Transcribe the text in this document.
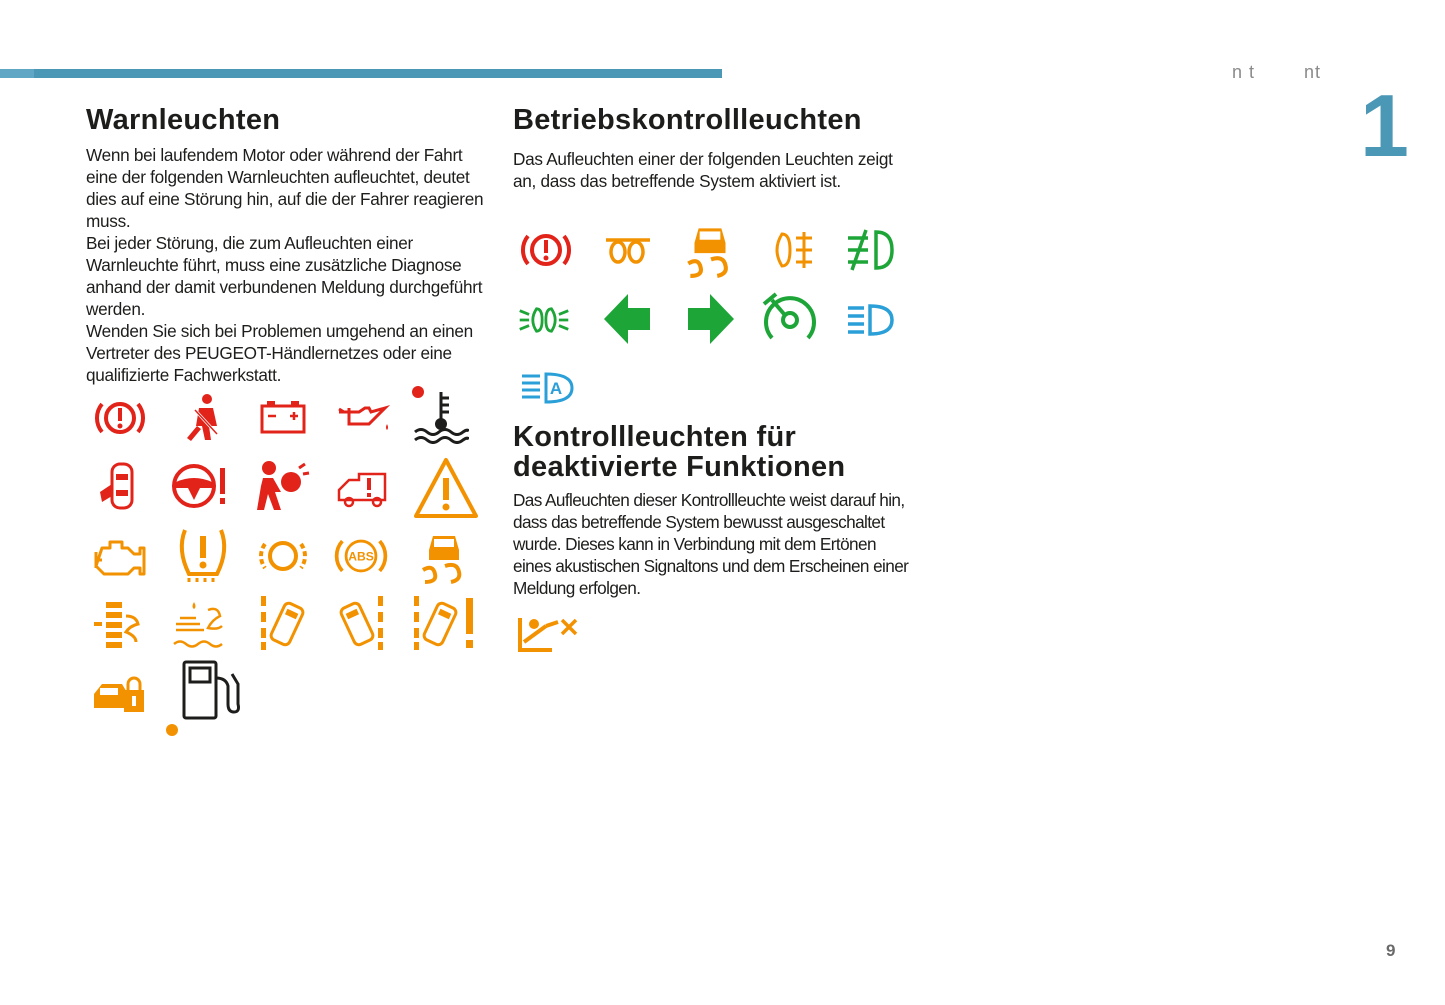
n t	nt
1
Warnleuchten

Wenn bei laufendem Motor oder während der Fahrt eine der folgenden Warnleuchten aufleuchtet, deutet dies auf eine Störung hin, auf die der Fahrer reagieren muss.

Bei jeder Störung, die zum Aufleuchten einer Warnleuchte führt, muss eine zusätzliche Diagnose anhand der damit verbundenen Meldung durchgeführt werden.

Wenden Sie sich bei Problemen umgehend an einen Vertreter des PEUGEOT-Händlernetzes oder eine qualifizierte Fachwerkstatt.

ABS
Betriebskontrollleuchten

Das Aufleuchten einer der folgenden Leuchten zeigt an, dass das betreffende System aktiviert ist.

A
Kontrollleuchten für deaktivierte Funktionen

Das Aufleuchten dieser Kontrollleuchte weist darauf hin, dass das betreffende System bewusst ausgeschaltet wurde. Dieses kann in Verbindung mit dem Ertönen eines akustischen Signaltons und dem Erscheinen einer Meldung erfolgen.

9
